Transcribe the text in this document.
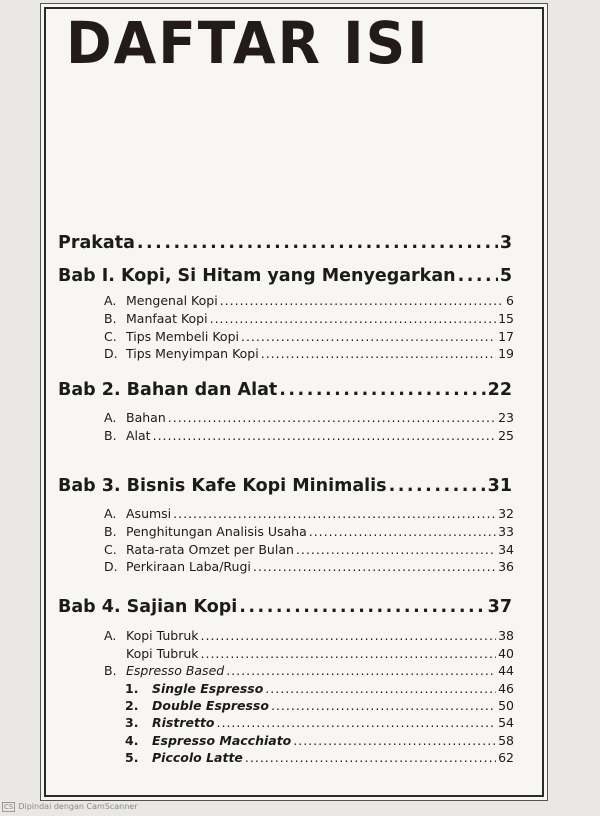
DAFTAR ISI
Prakata .....	3
Bab I. Kopi, Si Hitam yang Menyegarkan .....	5
A. Mengenal Kopi .....	6
B. Manfaat Kopi .....	15
C. Tips Membeli Kopi .....	17
D. Tips Menyimpan Kopi .....	19
Bab 2. Bahan dan Alat .....	22
A. Bahan .....	23
B. Alat .....	25
Bab 3. Bisnis Kafe Kopi Minimalis .....	31
A. Asumsi .....	32
B. Penghitungan Analisis Usaha .....	33
C. Rata-rata Omzet per Bulan .....	34
D. Perkiraan Laba/Rugi .....	36
Bab 4. Sajian Kopi .....	37
A. Kopi Tubruk .....	38
Kopi Tubruk .....	40
B. Espresso Based .....	44
1.	Single Espresso .....	46
2.	Double Espresso .....	50
3.	Ristretto .....	54
4.	Espresso Macchiato .....	58
5.	Piccolo Latte .....	62
CS Dipindai dengan CamScanner
